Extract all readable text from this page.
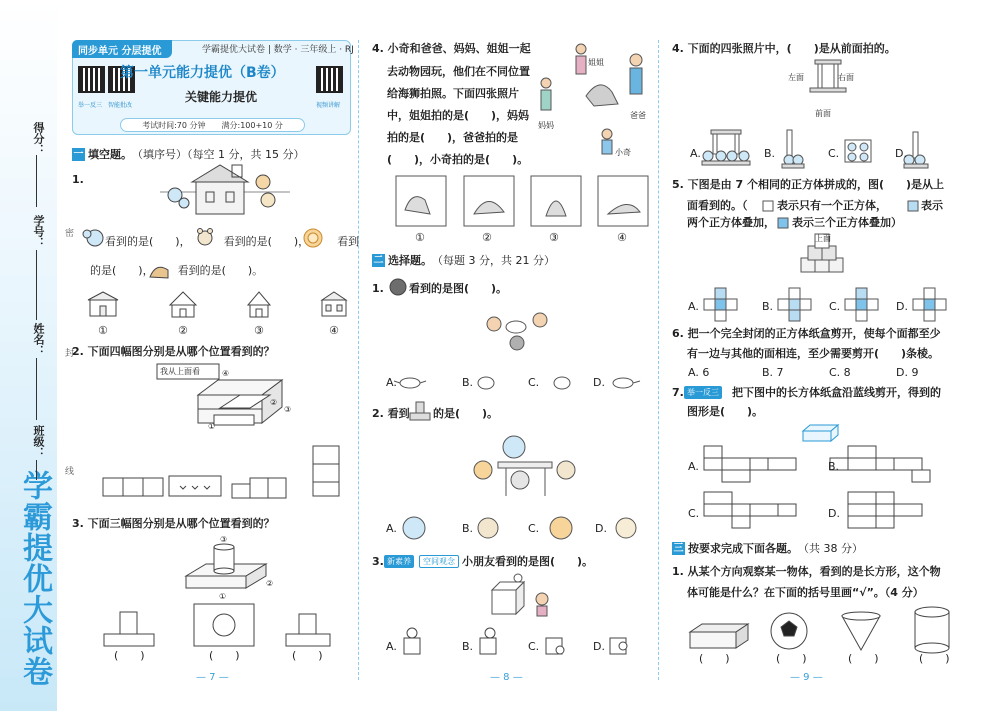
学霸提优大试卷
得分：
学号：
姓名：
班级：
密
封
线
同步单元 分层提优	学霸提优大试卷 | 数学 · 三年级上 · RJ
举一反三 智能批改
第一单元能力提优（B卷）
关键能力提优
视频讲解
考试时间:70 分钟　　满分:100+10 分
一 填空题。 （填序号）（每空 1 分，共 15 分）
1.
看到的是(　　)，	看到的是(　　)，	看到
的是(　　)， 看到的是(　　)。
①	②	③	④
2. 下面四幅图分别是从哪个位置看到的？
我从上面看
①
②
③
④
3. 下面三幅图分别是从哪个位置看到的？
①
②
③
(　　)	(　　)	(　　)
— 7 —
4. 小奇和爸爸、妈妈、姐姐一起
去动物园玩，他们在不同位置
给海狮拍照。下面四张照片
中，姐姐拍的是(　　)，妈妈
拍的是(　　)，爸爸拍的是
(　　)，小奇拍的是(　　)。
姐姐
妈妈
爸爸
小奇
①	②	③	④
二 选择题。 （每题 3 分，共 21 分）
1. 看到的是图(　　)。
A.	B.	C.	D.
2. 看到 的是(　　)。
A.	B.	C.	D.
3. 新素养	空间观念 小朋友看到的是图(　　)。
A.	B.	C.	D.
— 8 —
4. 下面的四张照片中，(　　)是从前面拍的。
左面	右面
前面
A.	B.	C.	D.
5. 下图是由 7 个相同的正方体拼成的，图(　　)是从上
面看到的。（	表示只有一个正方体，	表示
两个正方体叠加， 表示三个正方体叠加）
上面
A.	B.	C.	D.
6. 把一个完全封闭的正方体纸盒剪开，使每个面都至少
有一边与其他的面相连，至少需要剪开(　　)条棱。
A. 6	B. 7	C. 8	D. 9
7. 举一反三 把下图中的长方体纸盒沿蓝线剪开，得到的
图形是(　　)。
A.	B.
C.	D.
三 按要求完成下面各题。 （共 38 分）
1. 从某个方向观察某一物体，看到的是长方形，这个物
体可能是什么？在下面的括号里画“√”。（4 分）
(　　)	(　　)	(　　)	(　　)
— 9 —
